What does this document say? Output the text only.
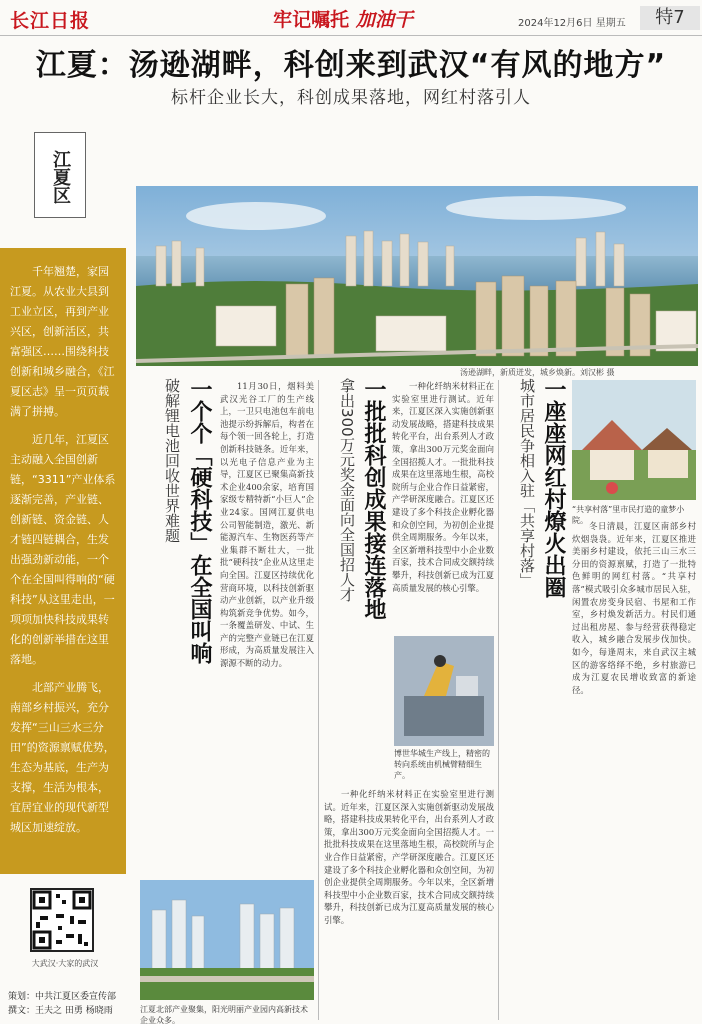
长江日报	牢记嘱托 加油干	2024年12月6日 星期五	特7
江夏：汤逊湖畔，科创来到武汉“有风的地方”
标杆企业长大，科创成果落地，网红村落引人
江夏区

千年翘楚，家园江夏。从农业大县到工业立区，再到产业兴区，创新活区，共富强区……围绕科技创新和城乡融合，《江夏区志》呈一页页载满了拼搏。

近几年，江夏区主动融入全国创新链，“3311”产业体系逐渐完善，产业链、创新链、资金链、人才链四链耦合，生发出强劲新动能，一个个在全国叫得响的“硬科技”从这里走出，一项项加快科技成果转化的创新举措在这里落地。

北部产业腾飞，南部乡村振兴，充分发挥“三山三水三分田”的资源禀赋优势，生态为基底，生产为支撑，生活为根本，宜居宜业的现代新型城区加速绽放。

大武汉·大家的武汉
策划：中共江夏区委宣传部
撰文：王夫之 田勇 杨晓雨
汤逊湖畔，新质迸发，城乡焕新。刘汉彬 摄
一个个「硬科技」在全国叫响
破解锂电池回收世界难题	11月30日，烟料美武汉光谷工厂的生产线上，一卫只电池包车前电池提示纷拆解后，构者在每个领一回各轮上，打造创新科技链条。近年来，以光电子信息产业为主导，江夏区已聚集高新技术企业400余家，培育国家级专精特新“小巨人”企业24家。国网江夏供电公司智能制造，激光、新能源汽车、生物医药等产业集群不断壮大，一批批“硬科技”企业从这里走向全国。江夏区持续优化营商环境，以科技创新驱动产业创新，以产业升级构筑新竞争优势。如今，一条覆盖研发、中试、生产的完整产业链已在江夏形成，为高质量发展注入源源不断的动力。

江夏北部产业聚集，阳光明丽产业园内高新技术企业众多。
一批批科创成果接连落地
拿出300万元奖金面向全国招人才	一种化纤纳米材料正在实验室里进行测试。近年来，江夏区深入实施创新驱动发展战略，搭建科技成果转化平台，出台系列人才政策，拿出300万元奖金面向全国招揽人才。一批批科技成果在这里落地生根，高校院所与企业合作日益紧密，产学研深度融合。江夏区还建设了多个科技企业孵化器和众创空间，为初创企业提供全周期服务。今年以来，全区新增科技型中小企业数百家，技术合同成交额持续攀升，科技创新已成为江夏高质量发展的核心引擎。

博世华城生产线上，精密的转向系统由机械臂精细生产。

一种化纤纳米材料正在实验室里进行测试。近年来，江夏区深入实施创新驱动发展战略，搭建科技成果转化平台，出台系列人才政策，拿出300万元奖金面向全国招揽人才。一批批科技成果在这里落地生根，高校院所与企业合作日益紧密，产学研深度融合。江夏区还建设了多个科技企业孵化器和众创空间，为初创企业提供全周期服务。今年以来，全区新增科技型中小企业数百家，技术合同成交额持续攀升，科技创新已成为江夏高质量发展的核心引擎。

一座座网红村燎火出圈
城市居民争相入驻「共享村落」	“共享村落”里市民打造的童梦小院。

冬日清晨，江夏区南部乡村炊烟袅袅。近年来，江夏区推进美丽乡村建设，依托三山三水三分田的资源禀赋，打造了一批特色鲜明的网红村落。“共享村落”模式吸引众多城市居民入驻，闲置农房变身民宿、书屋和工作室，乡村焕发新活力。村民们通过出租房屋、参与经营获得稳定收入，城乡融合发展步伐加快。如今，每逢周末，来自武汉主城区的游客络绎不绝，乡村旅游已成为江夏农民增收致富的新途径。
